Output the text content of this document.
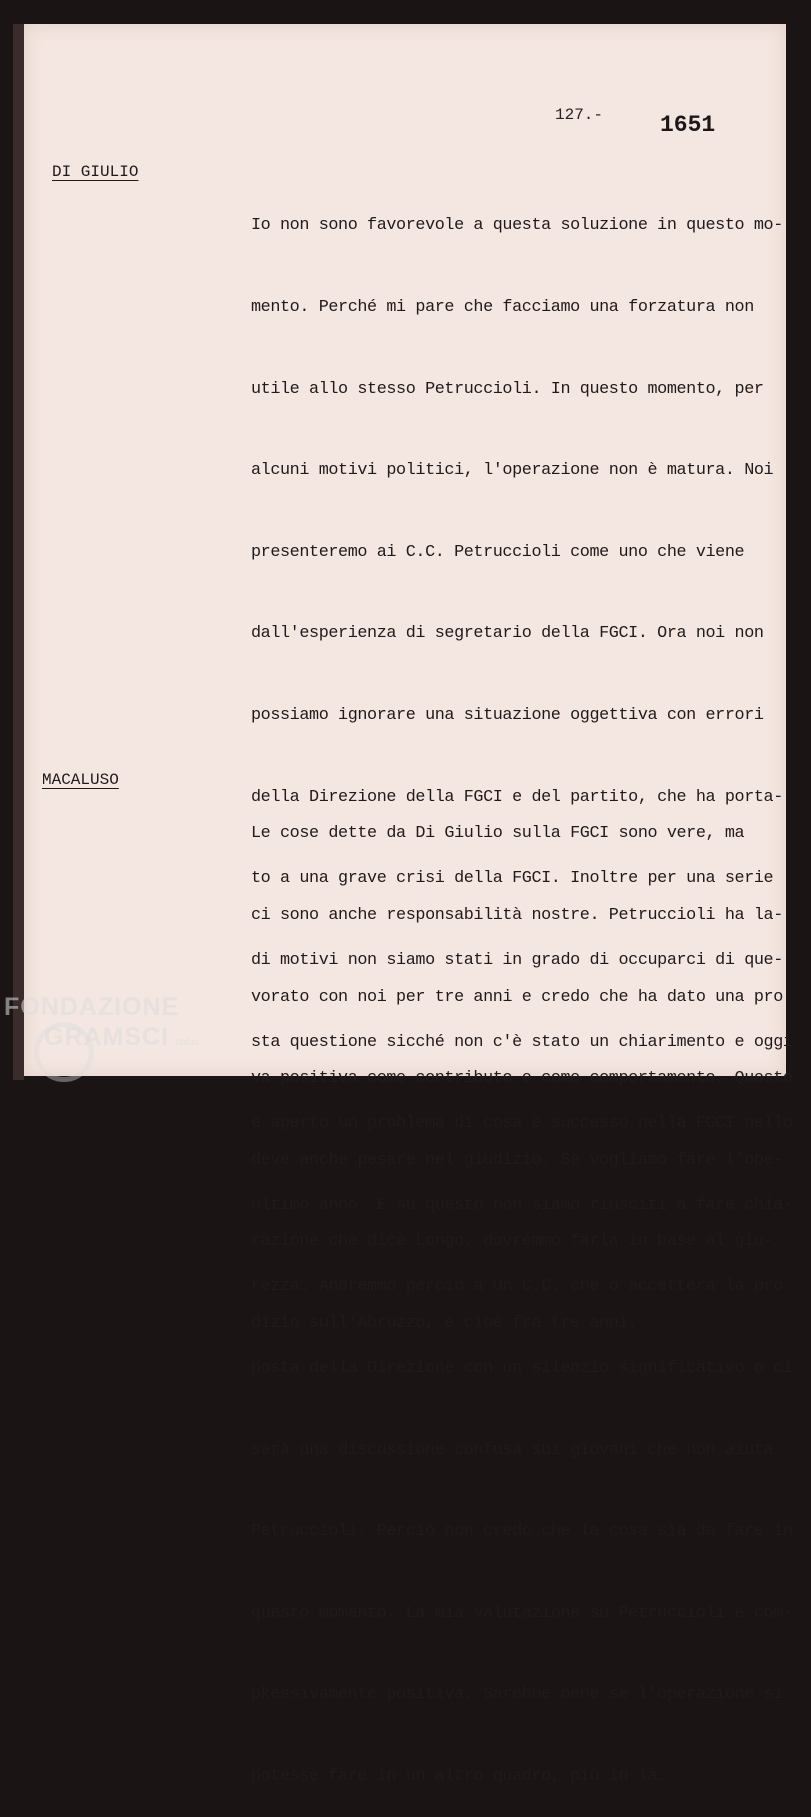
127.- 1651
DI GIULIO

Io non sono favorevole a questa soluzione in questo mo-

mento. Perché mi pare che facciamo una forzatura non

utile allo stesso Petruccioli. In questo momento, per

alcuni motivi politici, l'operazione non è matura. Noi

presenteremo ai C.C. Petruccioli come uno che viene

dall'esperienza di segretario della FGCI. Ora noi non

possiamo ignorare una situazione oggettiva con errori

della Direzione della FGCI e del partito, che ha porta-

to a una grave crisi della FGCI. Inoltre per una serie

di motivi non siamo stati in grado di occuparci di que-

sta questione sicché non c'è stato un chiarimento e oggi

è aperto un problema di cosa è successo nella FGCI nello

ultimo anno. E su questo non siamo riusciti a fare chia-

rezza. Andremmo perciò a un C.C. che o accetterà la pro

posta della Direzione con un silenzio significativo o ci

sarà una discussione confusa sui giovani che non aiuta

Petruccioli. Perciò non credo che la cosa sia da fare in

questo momento. La mia valutazione su Petruccioli è com-

pkessivamente positiva. Sarebbe bene se l'operazione si

potesse fare in un altro quadro, più in là.

MACALUSO

Le cose dette da Di Giulio sulla FGCI sono vere, ma

ci sono anche responsabilità nostre. Petruccioli ha la-

vorato con noi per tre anni e credo che ha dato una pro

va positiva come contributo e come comportamento. Questo

deve anche pesare nel giudizio. Se vogliamo fare l'ope-

razione che dice Longo, dovremmo farla in base al giu-

dizio sull'Abruzzo, e cioè fra tre anni.

FONDAZIONE
GRAMSCI onlus
